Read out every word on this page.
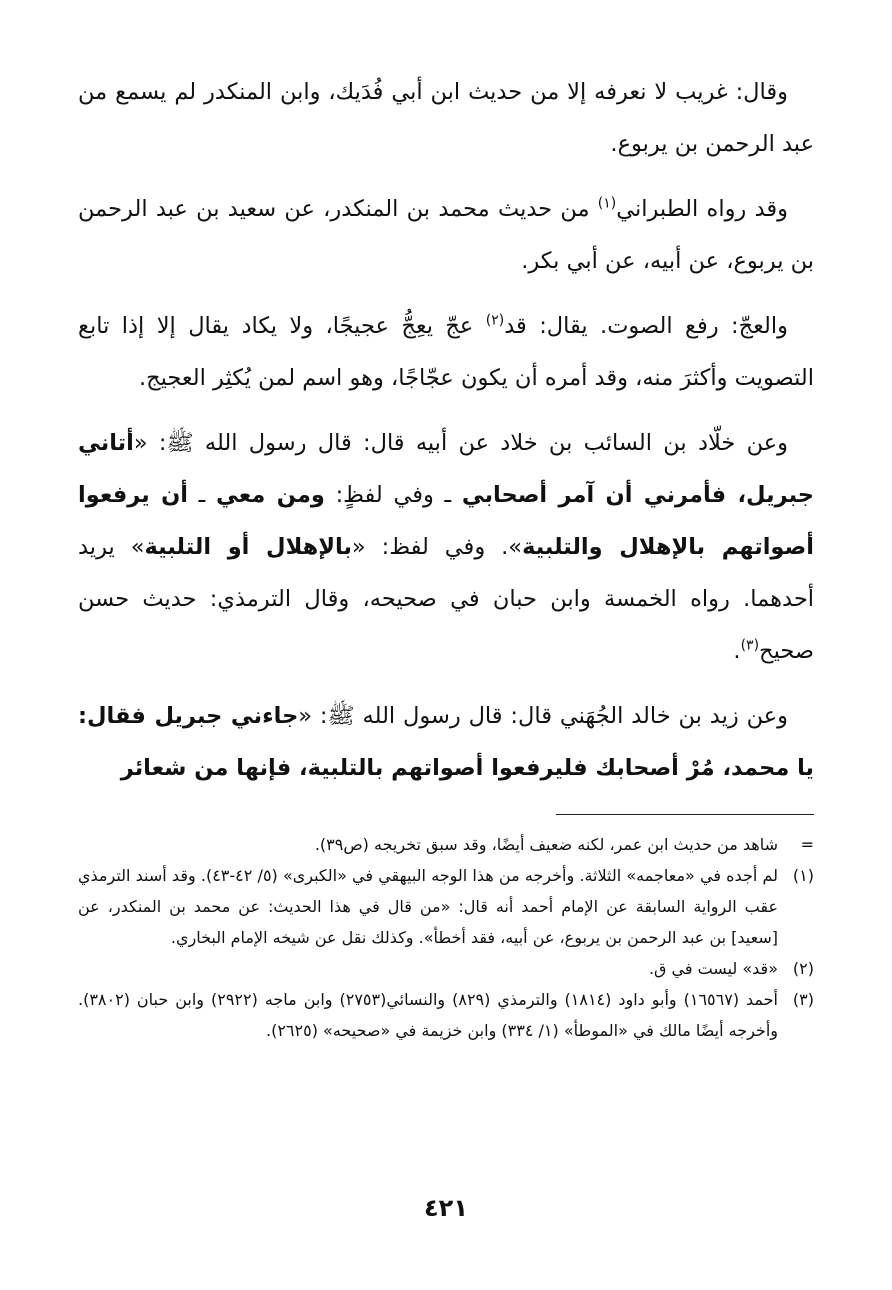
وقال: غريب لا نعرفه إلا من حديث ابن أبي فُدَيك، وابن المنكدر لم يسمع من عبد الرحمن بن يربوع.

وقد رواه الطبراني$^{(١)}$ من حديث محمد بن المنكدر، عن سعيد بن عبد الرحمن بن يربوع، عن أبيه، عن أبي بكر.

والعجّ: رفع الصوت. يقال: قد$^{(٢)}$ عجّ يعِجُّ عجيجًا، ولا يكاد يقال إلا إذا تابع التصويت وأكثرَ منه، وقد أمره أن يكون عجّاجًا، وهو اسم لمن يُكثِر العجيج.

وعن خلّاد بن السائب بن خلاد عن أبيه قال: قال رسول الله ﷺ: «أتاني جبريل، فأمرني أن آمر أصحابي ـ وفي لفظٍ: ومن معي ـ أن يرفعوا أصواتهم بالإهلال والتلبية». وفي لفظ: «بالإهلال أو التلبية» يريد أحدهما. رواه الخمسة وابن حبان في صحيحه، وقال الترمذي: حديث حسن صحيح$^{(٣)}$.

وعن زيد بن خالد الجُهَني قال: قال رسول الله ﷺ: «جاءني جبريل فقال: يا محمد، مُرْ أصحابك فليرفعوا أصواتهم بالتلبية، فإنها من شعائر

=
شاهد من حديث ابن عمر، لكنه ضعيف أيضًا، وقد سبق تخريجه (ص٣٩).
(١)
لم أجده في «معاجمه» الثلاثة. وأخرجه من هذا الوجه البيهقي في «الكبرى» (٥/ ٤٢-٤٣). وقد أسند الترمذي عقب الرواية السابقة عن الإمام أحمد أنه قال: «من قال في هذا الحديث: عن محمد بن المنكدر، عن [سعيد] بن عبد الرحمن بن يربوع، عن أبيه، فقد أخطأ». وكذلك نقل عن شيخه الإمام البخاري.
(٢)
«قد» ليست في ق.
(٣)
أحمد (١٦٥٦٧) وأبو داود (١٨١٤) والترمذي (٨٢٩) والنسائي(٢٧٥٣) وابن ماجه (٢٩٢٢) وابن حبان (٣٨٠٢). وأخرجه أيضًا مالك في «الموطأ» (١/ ٣٣٤) وابن خزيمة في «صحيحه» (٢٦٢٥).
٤٢١
